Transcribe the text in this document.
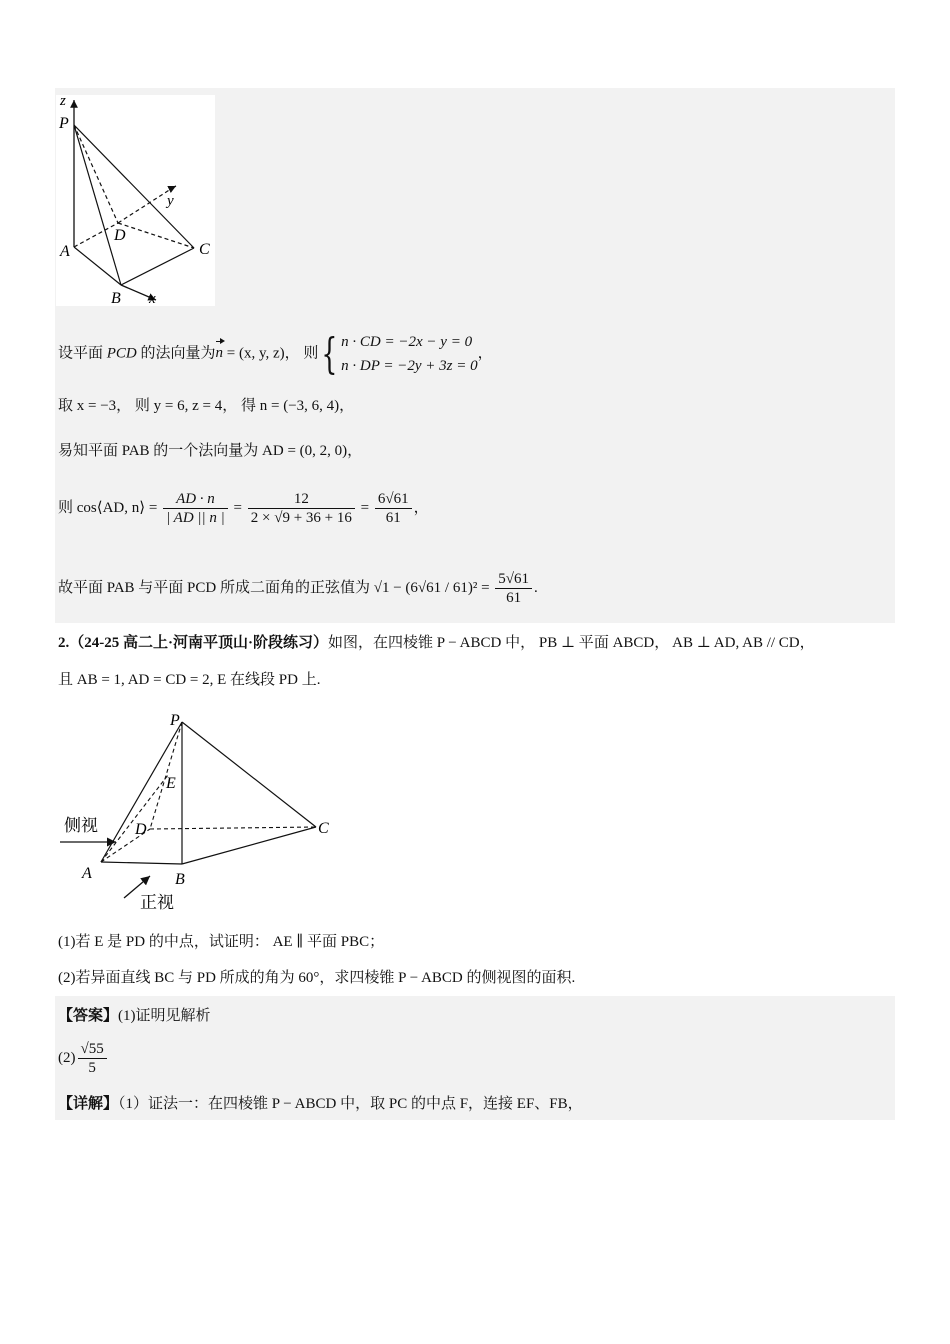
z
P
y
D
A	C
B x
设平面 PCD 的法向量为n = (x, y, z)， 则{ n · CD = −2x − y = 0
n · DP = −2y + 3z = 0
，
取 x = −3， 则 y = 6, z = 4， 得 n = (−3, 6, 4)，
易知平面 PAB 的一个法向量为 AD = (0, 2, 0)，
则 cos⟨AD, n⟩ = $\frac{AD \cdot n}{| AD || n |} = \frac{12}{2 \times √9 + 36 + 16} = \frac{6√61}{61}$ ，
故平面 PAB 与平面 PCD 所成二面角的正弦值为 $√1 - (6√61 / 61)^2 = \frac{5√61}{61}$ .
2.（24-25 高二上·河南平顶山·阶段练习）如图，在四棱锥 P − ABCD 中， PB ⊥ 平面 ABCD， AB ⊥ AD, AB // CD，
且 AB = 1, AD = CD = 2, E 在线段 PD 上.
P
E
D	C
A	B
侧视
正视
(1)若 E 是 PD 的中点，试证明： AE ∥ 平面 PBC；
(2)若异面直线 BC 与 PD 所成的角为 60°，求四棱锥 P − ABCD 的侧视图的面积.
【答案】(1)证明见解析
$(2) \frac{√55}{5}$
【详解】（1）证法一：在四棱锥 P − ABCD 中，取 PC 的中点 F，连接 EF、FB，
